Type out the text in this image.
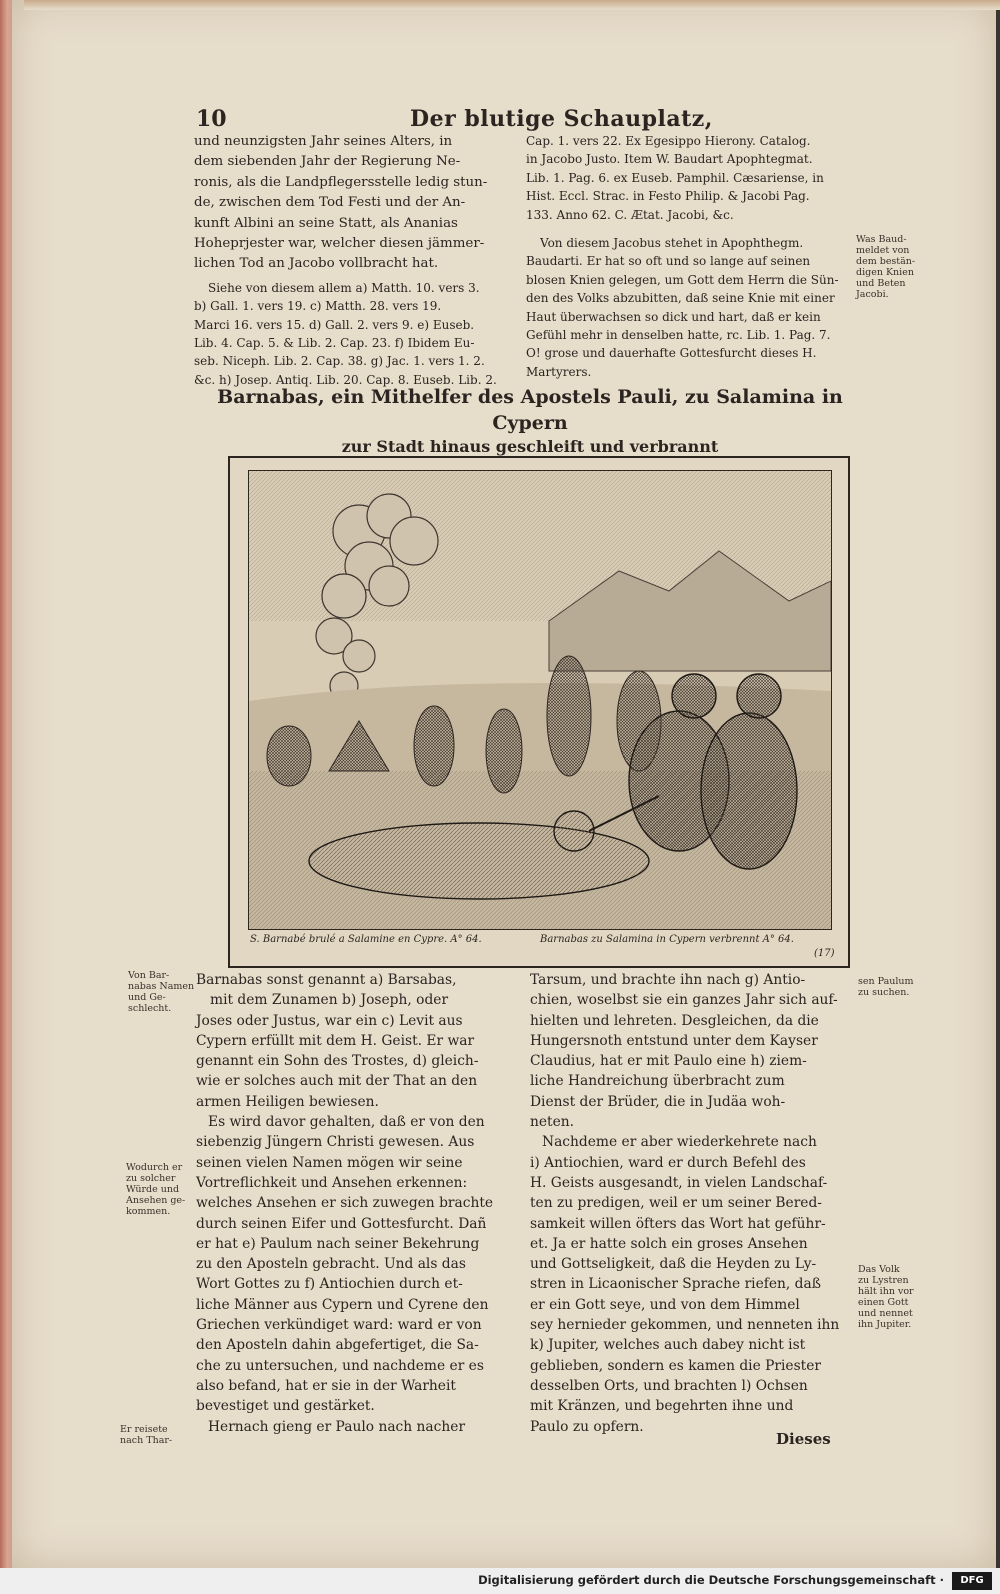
10	Der blutige Schauplatz,

und neunzigsten Jahr seines Alters, in

dem siebenden Jahr der Regierung Ne-

ronis, als die Landpflegersstelle ledig stun-

de, zwischen dem Tod Festi und der An-

kunft Albini an seine Statt, als Ananias

Hoheprjester war, welcher diesen jämmer-

lichen Tod an Jacobo vollbracht hat.

Siehe von diesem allem a) Matth. 10. vers 3.

b) Gall. 1. vers 19. c) Matth. 28. vers 19.

Marci 16. vers 15. d) Gall. 2. vers 9. e) Euseb.

Lib. 4. Cap. 5. & Lib. 2. Cap. 23. f) Ibidem Eu-

seb. Niceph. Lib. 2. Cap. 38. g) Jac. 1. vers 1. 2.

&c. h) Josep. Antiq. Lib. 20. Cap. 8. Euseb. Lib. 2.

Cap. 1. vers 22. Ex Egesippo Hierony. Catalog.

in Jacobo Justo. Item W. Baudart Apophtegmat.

Lib. 1. Pag. 6. ex Euseb. Pamphil. Cæsariense, in

Hist. Eccl. Strac. in Festo Philip. & Jacobi Pag.

133. Anno 62. C. Ætat. Jacobi, &c.

Von diesem Jacobus stehet in Apophthegm.

Baudarti. Er hat so oft und so lange auf seinen

blosen Knien gelegen, um Gott dem Herrn die Sün-

den des Volks abzubitten, daß seine Knie mit einer

Haut überwachsen so dick und hart, daß er kein

Gefühl mehr in denselben hatte, rc. Lib. 1. Pag. 7.

O! grose und dauerhafte Gottesfurcht dieses H.

Martyrers.

Was Baud-

meldet von

dem bestän-

digen Knien

und Beten

Jacobi.

Barnabas, ein Mithelfer des Apostels Pauli, zu Salamina in Cypern
zur Stadt hinaus geschleift und verbrannt
S. Barnabé brulé a Salamine en Cypre. A° 64.	Barnabas zu Salamina in Cypern verbrennt A° 64.
(17)

Von Bar-

nabas Namen

und Ge-

schlecht.

Wodurch er

zu solcher

Würde und

Ansehen ge-

kommen.

Er reisete

nach Thar-

sen Paulum

zu suchen.

Das Volk

zu Lystren

hält ihn vor

einen Gott

und nennet

ihn Jupiter.

Barnabas sonst genannt a) Barsabas,

mit dem Zunamen b) Joseph, oder

Joses oder Justus, war ein c) Levit aus

Cypern erfüllt mit dem H. Geist. Er war

genannt ein Sohn des Trostes, d) gleich-

wie er solches auch mit der That an den

armen Heiligen bewiesen.

Es wird davor gehalten, daß er von den

siebenzig Jüngern Christi gewesen. Aus

seinen vielen Namen mögen wir seine

Vortreflichkeit und Ansehen erkennen:

welches Ansehen er sich zuwegen brachte

durch seinen Eifer und Gottesfurcht. Dañ

er hat e) Paulum nach seiner Bekehrung

zu den Aposteln gebracht. Und als das

Wort Gottes zu f) Antiochien durch et-

liche Männer aus Cypern und Cyrene den

Griechen verkündiget ward: ward er von

den Aposteln dahin abgefertiget, die Sa-

che zu untersuchen, und nachdeme er es

also befand, hat er sie in der Warheit

bevestiget und gestärket.

Hernach gieng er Paulo nach nacher

Tarsum, und brachte ihn nach g) Antio-

chien, woselbst sie ein ganzes Jahr sich auf-

hielten und lehreten. Desgleichen, da die

Hungersnoth entstund unter dem Kayser

Claudius, hat er mit Paulo eine h) ziem-

liche Handreichung überbracht zum

Dienst der Brüder, die in Judäa woh-

neten.

Nachdeme er aber wiederkehrete nach

i) Antiochien, ward er durch Befehl des

H. Geists ausgesandt, in vielen Landschaf-

ten zu predigen, weil er um seiner Bered-

samkeit willen öfters das Wort hat geführ-

et. Ja er hatte solch ein groses Ansehen

und Gottseligkeit, daß die Heyden zu Ly-

stren in Licaonischer Sprache riefen, daß

er ein Gott seye, und von dem Himmel

sey hernieder gekommen, und nenneten ihn

k) Jupiter, welches auch dabey nicht ist

geblieben, sondern es kamen die Priester

desselben Orts, und brachten l) Ochsen

mit Kränzen, und begehrten ihne und

Paulo zu opfern.

Dieses
Digitalisierung gefördert durch die Deutsche Forschungsgemeinschaft ·	DFG
